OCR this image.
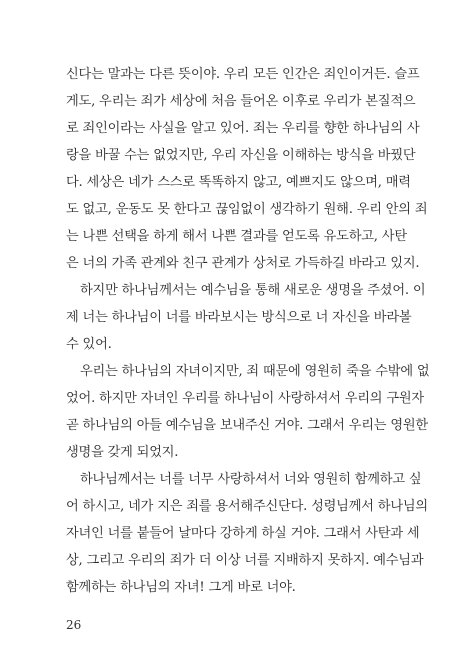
신다는 말과는 다른 뜻이야. 우리 모든 인간은 죄인이거든. 슬프
게도, 우리는 죄가 세상에 처음 들어온 이후로 우리가 본질적으
로 죄인이라는 사실을 알고 있어. 죄는 우리를 향한 하나님의 사
랑을 바꿀 수는 없었지만, 우리 자신을 이해하는 방식을 바꿨단
다. 세상은 네가 스스로 똑똑하지 않고, 예쁘지도 않으며, 매력
도 없고, 운동도 못 한다고 끊임없이 생각하기 원해. 우리 안의 죄
는 나쁜 선택을 하게 해서 나쁜 결과를 얻도록 유도하고, 사탄
은 너의 가족 관계와 친구 관계가 상처로 가득하길 바라고 있지.
하지만 하나님께서는 예수님을 통해 새로운 생명을 주셨어. 이
제 너는 하나님이 너를 바라보시는 방식으로 너 자신을 바라볼
수 있어.
우리는 하나님의 자녀이지만, 죄 때문에 영원히 죽을 수밖에 없
었어. 하지만 자녀인 우리를 하나님이 사랑하셔서 우리의 구원자
곧 하나님의 아들 예수님을 보내주신 거야. 그래서 우리는 영원한
생명을 갖게 되었지.
하나님께서는 너를 너무 사랑하셔서 너와 영원히 함께하고 싶
어 하시고, 네가 지은 죄를 용서해주신단다. 성령님께서 하나님의
자녀인 너를 붙들어 날마다 강하게 하실 거야. 그래서 사탄과 세
상, 그리고 우리의 죄가 더 이상 너를 지배하지 못하지. 예수님과
함께하는 하나님의 자녀! 그게 바로 너야.
26
